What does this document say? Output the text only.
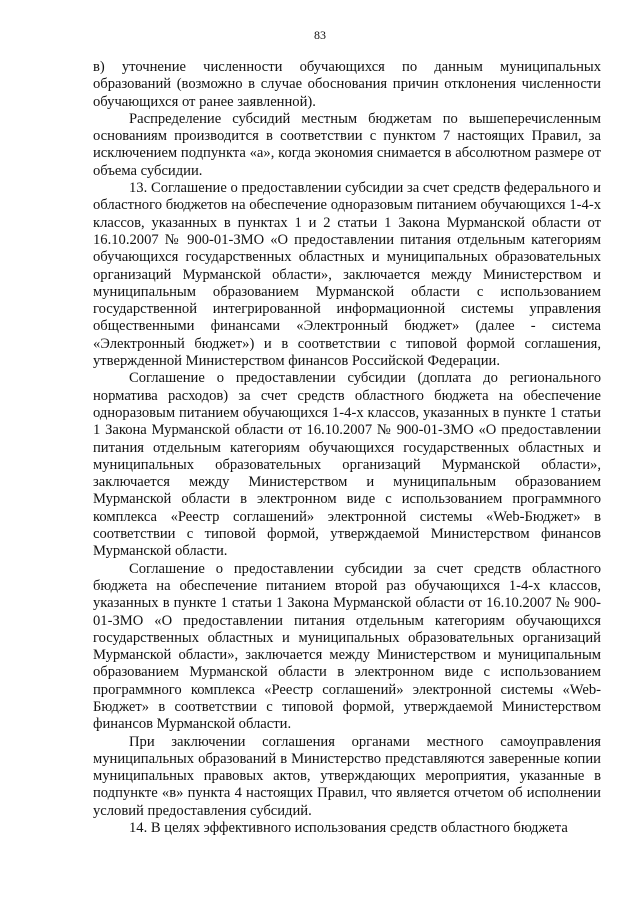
83

в) уточнение численности обучающихся по данным муниципальных образований (возможно в случае обоснования причин отклонения численности обучающихся от ранее заявленной).

Распределение субсидий местным бюджетам по вышеперечисленным основаниям производится в соответствии с пунктом 7 настоящих Правил, за исключением подпункта «а», когда экономия снимается в абсолютном размере от объема субсидии.

13. Соглашение о предоставлении субсидии за счет средств федерального и областного бюджетов на обеспечение одноразовым питанием обучающихся 1-4-х классов, указанных в пунктах 1 и 2 статьи 1 Закона Мурманской области от 16.10.2007 № 900-01-ЗМО «О предоставлении питания отдельным категориям обучающихся государственных областных и муниципальных образовательных организаций Мурманской области», заключается между Министерством и муниципальным образованием Мурманской области с использованием государственной интегрированной информационной системы управления общественными финансами «Электронный бюджет» (далее - система «Электронный бюджет») и в соответствии с типовой формой соглашения, утвержденной Министерством финансов Российской Федерации.

Соглашение о предоставлении субсидии (доплата до регионального норматива расходов) за счет средств областного бюджета на обеспечение одноразовым питанием обучающихся 1-4-х классов, указанных в пункте 1 статьи 1 Закона Мурманской области от 16.10.2007 № 900-01-ЗМО «О предоставлении питания отдельным категориям обучающихся государственных областных и муниципальных образовательных организаций Мурманской области», заключается между Министерством и муниципальным образованием Мурманской области в электронном виде с использованием программного комплекса «Реестр соглашений» электронной системы «Web-Бюджет» в соответствии с типовой формой, утверждаемой Министерством финансов Мурманской области.

Соглашение о предоставлении субсидии за счет средств областного бюджета на обеспечение питанием второй раз обучающихся 1-4-х классов, указанных в пункте 1 статьи 1 Закона Мурманской области от 16.10.2007 № 900-01-ЗМО «О предоставлении питания отдельным категориям обучающихся государственных областных и муниципальных образовательных организаций Мурманской области», заключается между Министерством и муниципальным образованием Мурманской области в электронном виде с использованием программного комплекса «Реестр соглашений» электронной системы «Web-Бюджет» в соответствии с типовой формой, утверждаемой Министерством финансов Мурманской области.

При заключении соглашения органами местного самоуправления муниципальных образований в Министерство представляются заверенные копии муниципальных правовых актов, утверждающих мероприятия, указанные в подпункте «в» пункта 4 настоящих Правил, что является отчетом об исполнении условий предоставления субсидий.

14. В целях эффективного использования средств областного бюджета
